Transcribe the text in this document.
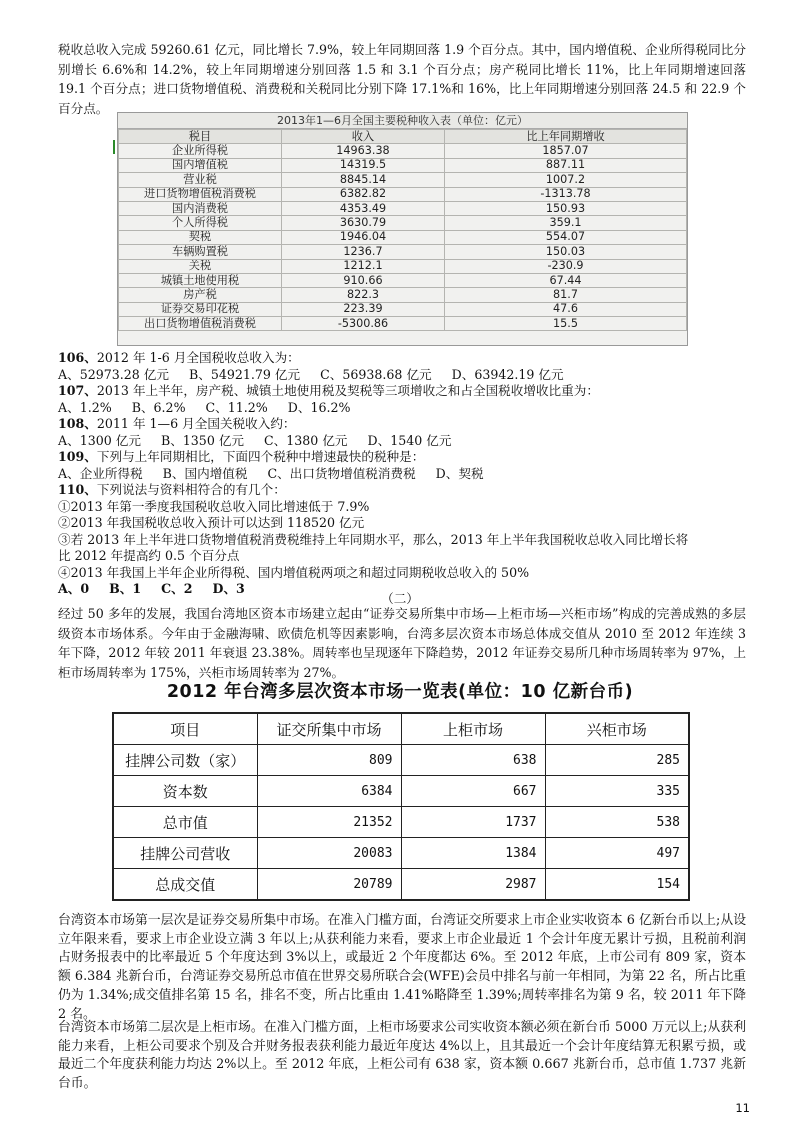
税收总收入完成 59260.61 亿元，同比增长 7.9%，较上年同期回落 1.9 个百分点。其中，国内增值税、企业所得税同比分别增长 6.6%和 14.2%，较上年同期增速分别回落 1.5 和 3.1 个百分点；房产税同比增长 11%，比上年同期增速回落 19.1 个百分点；进口货物增值税、消费税和关税同比分别下降 17.1%和 16%，比上年同期增速分别回落 24.5 和 22.9 个百分点。

2013年1—6月全国主要税种收入表（单位：亿元）
税目	收入	比上年同期增收
企业所得税	14963.38	1857.07
国内增值税	14319.5	887.11
营业税	8845.14	1007.2
进口货物增值税消费税	6382.82	-1313.78
国内消费税	4353.49	150.93
个人所得税	3630.79	359.1
契税	1946.04	554.07
车辆购置税	1236.7	150.03
关税	1212.1	-230.9
城镇土地使用税	910.66	67.44
房产税	822.3	81.7
证券交易印花税	223.39	47.6
出口货物增值税消费税	-5300.86	15.5
106、2012 年 1-6 月全国税收总收入为：
A、52973.28 亿元 B、54921.79 亿元 C、56938.68 亿元 D、63942.19 亿元
107、2013 年上半年，房产税、城镇土地使用税及契税等三项增收之和占全国税收增收比重为：
A、1.2% B、6.2% C、11.2% D、16.2%
108、2011 年 1—6 月全国关税收入约：
A、1300 亿元 B、1350 亿元 C、1380 亿元 D、1540 亿元
109、下列与上年同期相比，下面四个税种中增速最快的税种是：
A、企业所得税 B、国内增值税 C、出口货物增值税消费税 D、契税
110、下列说法与资料相符合的有几个：
①2013 年第一季度我国税收总收入同比增速低于 7.9%
②2013 年我国税收总收入预计可以达到 118520 亿元
③若 2013 年上半年进口货物增值税消费税维持上年同期水平，那么，2013 年上半年我国税收总收入同比增长将
比 2012 年提高约 0.5 个百分点
④2013 年我国上半年企业所得税、国内增值税两项之和超过同期税收总收入的 50%
A、0 B、1 C、2 D、3
（二）

经过 50 多年的发展，我国台湾地区资本市场建立起由“证券交易所集中市场—上柜市场—兴柜市场”构成的完善成熟的多层级资本市场体系。今年由于金融海啸、欧债危机等因素影响，台湾多层次资本市场总体成交值从 2010 至 2012 年连续 3 年下降，2012 年较 2011 年衰退 23.38%。周转率也呈现逐年下降趋势，2012 年证券交易所几种市场周转率为 97%，上柜市场周转率为 175%，兴柜市场周转率为 27%。

2012 年台湾多层次资本市场一览表(单位：10 亿新台币)
项目	证交所集中市场	上柜市场	兴柜市场
挂牌公司数（家）	809	638	285
资本数	6384	667	335
总市值	21352	1737	538
挂牌公司营收	20083	1384	497
总成交值	20789	2987	154

台湾资本市场第一层次是证券交易所集中市场。在准入门槛方面，台湾证交所要求上市企业实收资本 6 亿新台币以上;从设立年限来看，要求上市企业设立满 3 年以上;从获利能力来看，要求上市企业最近 1 个会计年度无累计亏损，且税前利润占财务报表中的比率最近 5 个年度达到 3%以上，或最近 2 个年度都达 6%。至 2012 年底，上市公司有 809 家，资本额 6.384 兆新台币，台湾证券交易所总市值在世界交易所联合会(WFE)会员中排名与前一年相同，为第 22 名，所占比重仍为 1.34%;成交值排名第 15 名，排名不变，所占比重由 1.41%略降至 1.39%;周转率排名为第 9 名，较 2011 年下降 2 名。

台湾资本市场第二层次是上柜市场。在准入门槛方面，上柜市场要求公司实收资本额必须在新台币 5000 万元以上;从获利能力来看，上柜公司要求个别及合并财务报表获利能力最近年度达 4%以上，且其最近一个会计年度结算无积累亏损，或最近二个年度获利能力均达 2%以上。至 2012 年底，上柜公司有 638 家，资本额 0.667 兆新台币，总市值 1.737 兆新台币。

11
